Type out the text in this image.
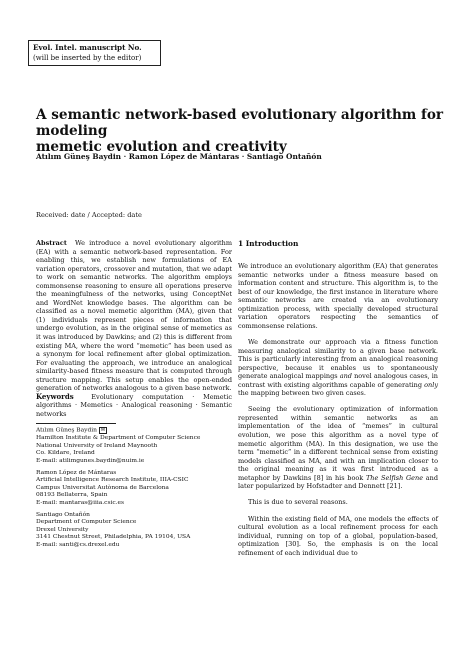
Evol. Intel. manuscript No.
(will be inserted by the editor)
A semantic network-based evolutionary algorithm for modeling
memetic evolution and creativity
Atılım Güneş Baydin · Ramon López de Mántaras · Santiago Ontañón
Received: date / Accepted: date

Abstract We introduce a novel evolutionary algorithm (EA) with a semantic network-based representation. For enabling this, we establish new formulations of EA variation operators, crossover and mutation, that we adapt to work on semantic networks. The algorithm employs commonsense reasoning to ensure all operations preserve the meaningfulness of the networks, using ConceptNet and WordNet knowledge bases. The algorithm can be classified as a novel memetic algorithm (MA), given that (1) individuals represent pieces of information that undergo evolution, as in the original sense of memetics as it was introduced by Dawkins; and (2) this is different from existing MA, where the word “memetic” has been used as a synonym for local refinement after global optimization. For evaluating the approach, we introduce an analogical similarity-based fitness measure that is computed through structure mapping. This setup enables the open-ended generation of networks analogous to a given base network.

Keywords	Evolutionary computation · Memetic algorithms · Memetics · Analogical reasoning · Semantic networks

Atılım Güneş Baydin ✉
Hamilton Institute & Department of Computer Science
National University of Ireland Maynooth
Co. Kildare, Ireland
E-mail: atilimgunes.baydin@nuim.ie
Ramon López de Mántaras
Artificial Intelligence Research Institute, IIIA-CSIC
Campus Universitat Autònoma de Barcelona
08193 Bellaterra, Spain
E-mail: mantaras@iiia.csic.es
Santiago Ontañón
Department of Computer Science
Drexel University
3141 Chestnut Street, Philadelphia, PA 19104, USA
E-mail: santi@cs.drexel.edu
1 Introduction

We introduce an evolutionary algorithm (EA) that generates semantic networks under a fitness measure based on information content and structure. This algorithm is, to the best of our knowledge, the first instance in literature where semantic networks are created via an evolutionary optimization process, with specially developed structural variation operators respecting the semantics of commonsense relations.

We demonstrate our approach via a fitness function measuring analogical similarity to a given base network. This is particularly interesting from an analogical reasoning perspective, because it enables us to spontaneously generate analogical mappings and novel analogous cases, in contrast with existing algorithms capable of generating only the mapping between two given cases.

Seeing the evolutionary optimization of information represented within semantic networks as an implementation of the idea of “memes” in cultural evolution, we pose this algorithm as a novel type of memetic algorithm (MA). In this designation, we use the term “memetic” in a different technical sense from existing models classified as MA, and with an implication closer to the original meaning as it was first introduced as a metaphor by Dawkins [8] in his book The Selfish Gene and later popularized by Hofstadter and Dennett [21].

This is due to several reasons.

Within the existing field of MA, one models the effects of cultural evolution as a local refinement process for each individual, running on top of a global, population-based, optimization [30]. So, the emphasis is on the local refinement of each individual due to
